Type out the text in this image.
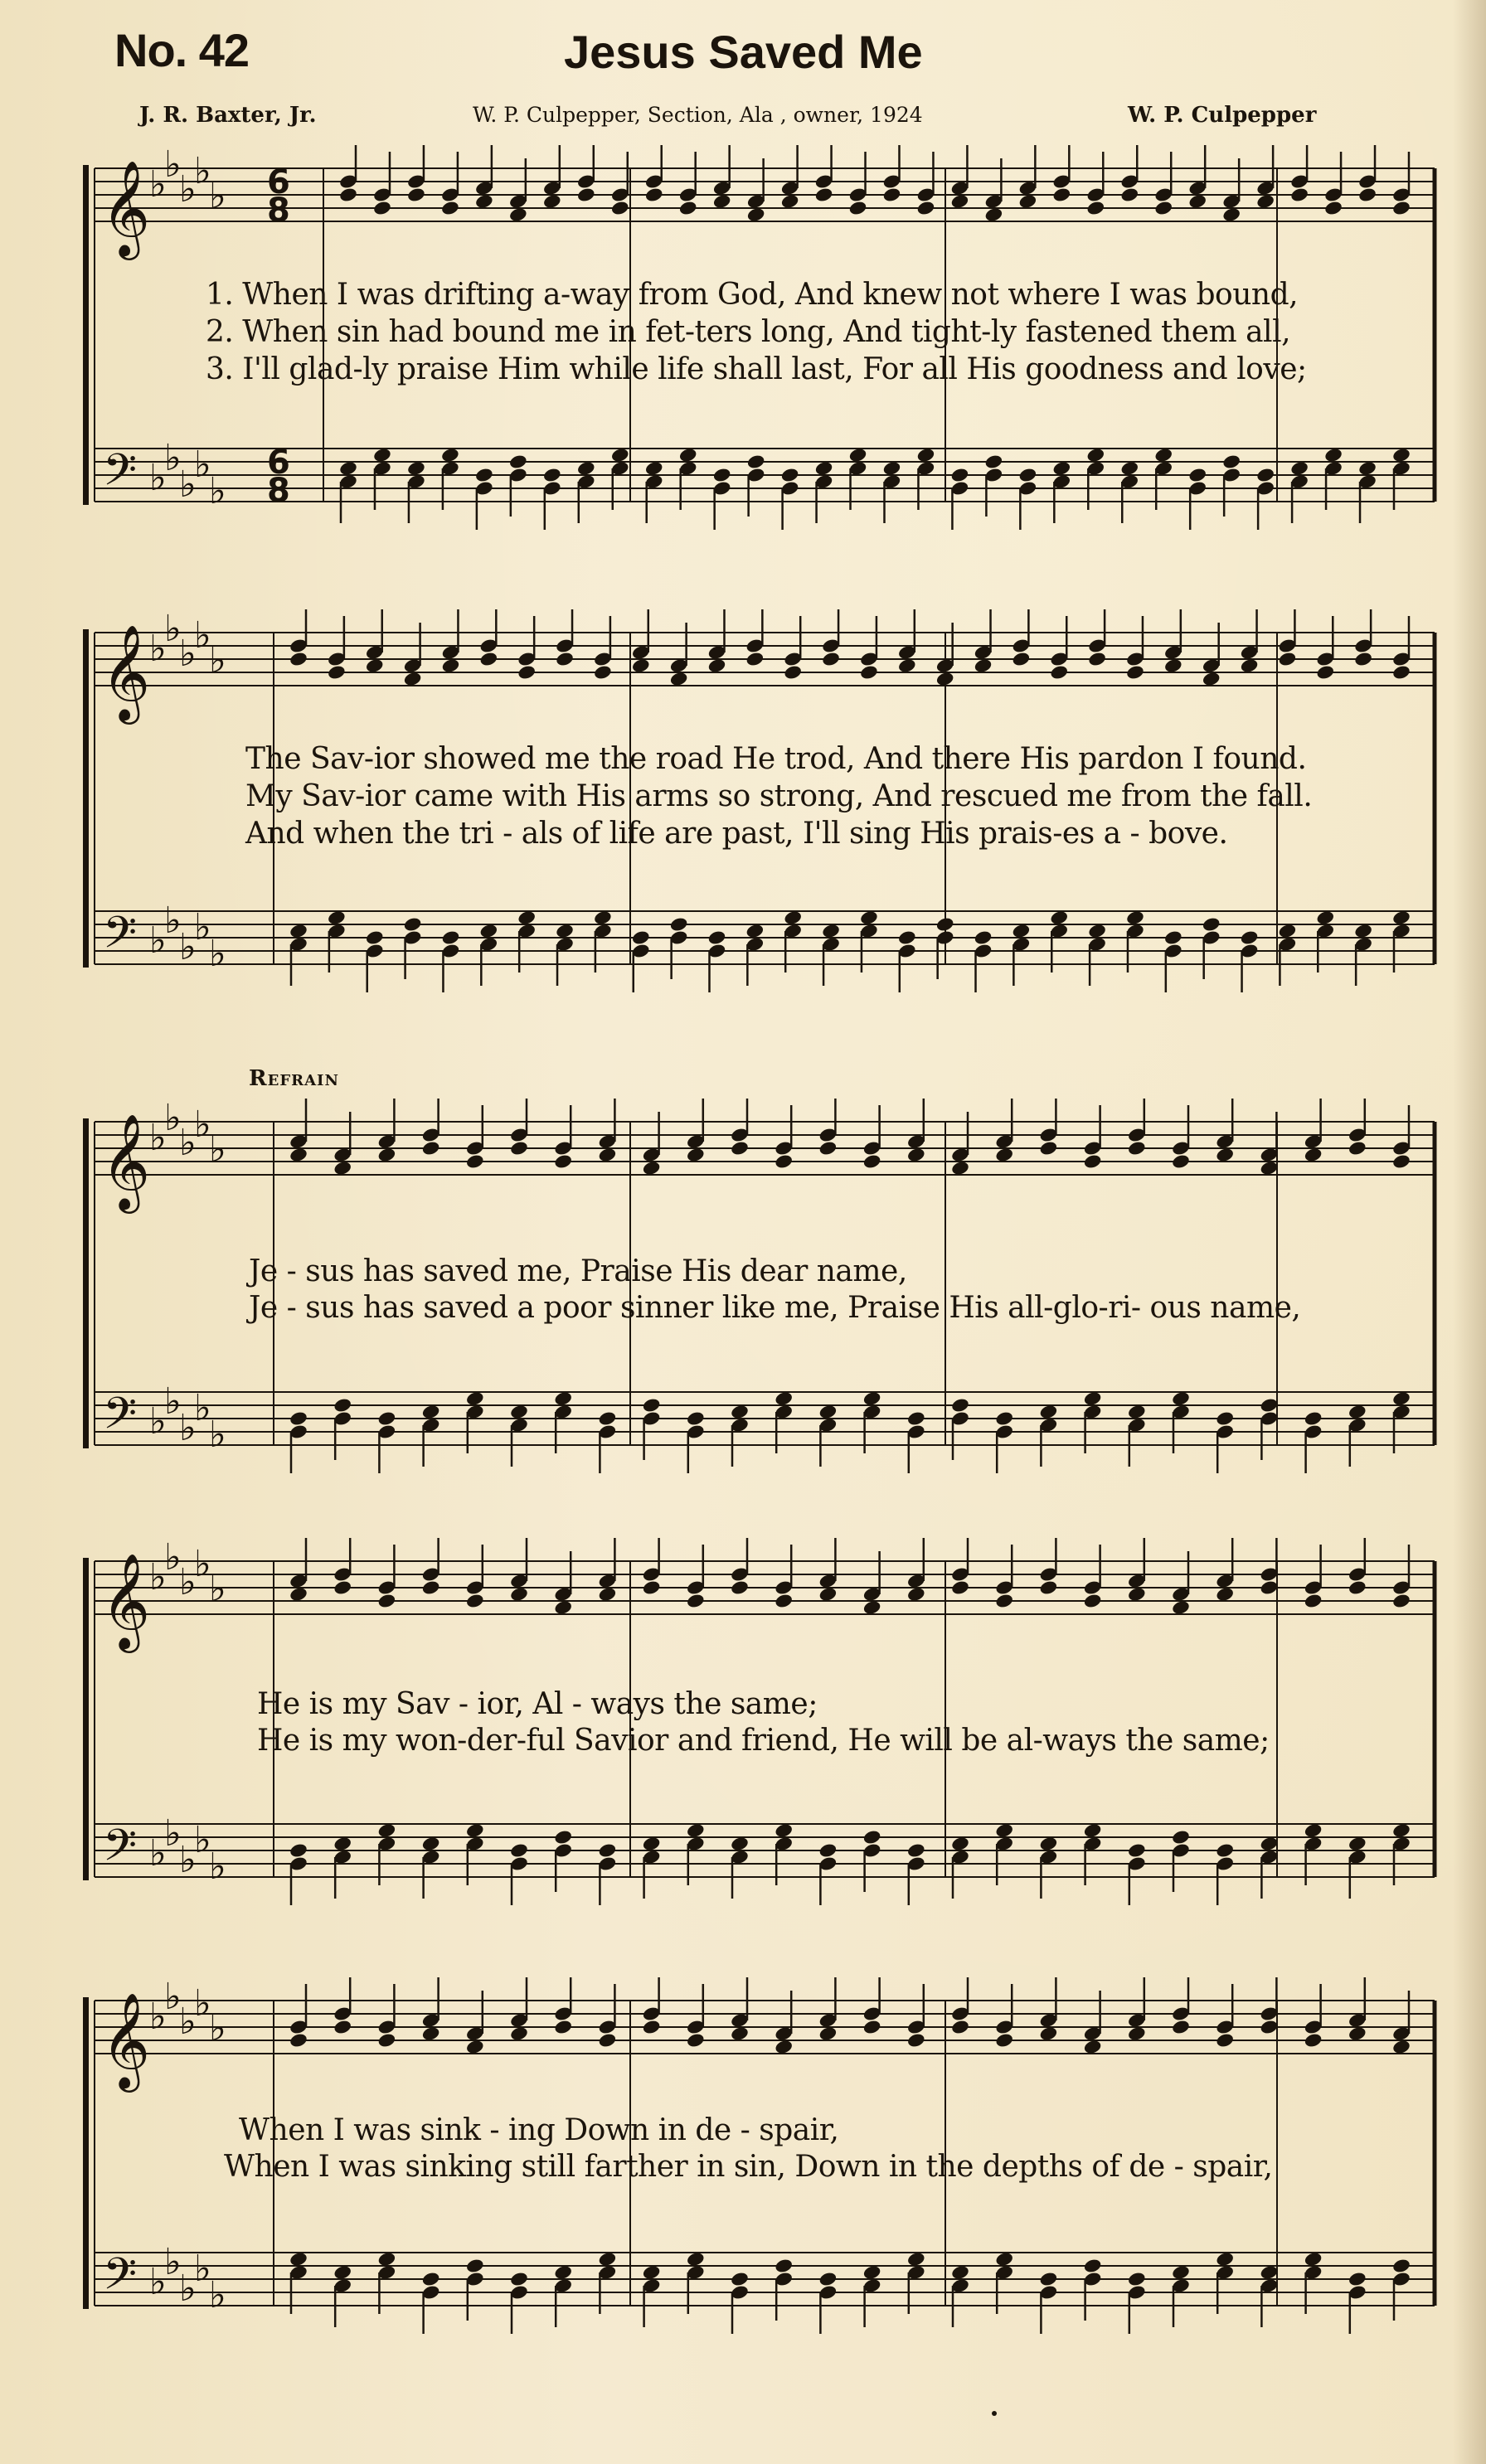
No. 42	Jesus Saved Me
J. R. Baxter, Jr.	W. P. Culpepper, Section, Ala , owner, 1924	W. P. Culpepper
Refrain
𝄞
𝄢
♭
♭
♭
♭
♭
♭
♭
♭
♭
♭
6
8
6
8
1. When I was drifting a-way from God, And knew not where I was bound,
2. When sin had bound me in fet-ters long, And tight-ly fastened them all,
3. I'll glad-ly praise Him while life shall last, For all His goodness and love;
𝄞
𝄢
♭
♭
♭
♭
♭
♭
♭
♭
♭
♭
The Sav-ior showed me the road He trod, And there His pardon I found.
My Sav-ior came with His arms so strong, And rescued me from the fall.
And when the tri - als of life are past, I'll sing His prais-es a - bove.
𝄞
𝄢
♭
♭
♭
♭
♭
♭
♭
♭
♭
♭
Je - sus has saved me, Praise His dear name,
Je - sus has saved a poor sinner like me, Praise His all-glo-ri- ous name,
𝄞
𝄢
♭
♭
♭
♭
♭
♭
♭
♭
♭
♭
He is my Sav - ior, Al - ways the same;
He is my won-der-ful Savior and friend, He will be al-ways the same;
𝄞
𝄢
♭
♭
♭
♭
♭
♭
♭
♭
♭
♭
When I was sink - ing Down in de - spair,
When I was sinking still farther in sin, Down in the depths of de - spair,
